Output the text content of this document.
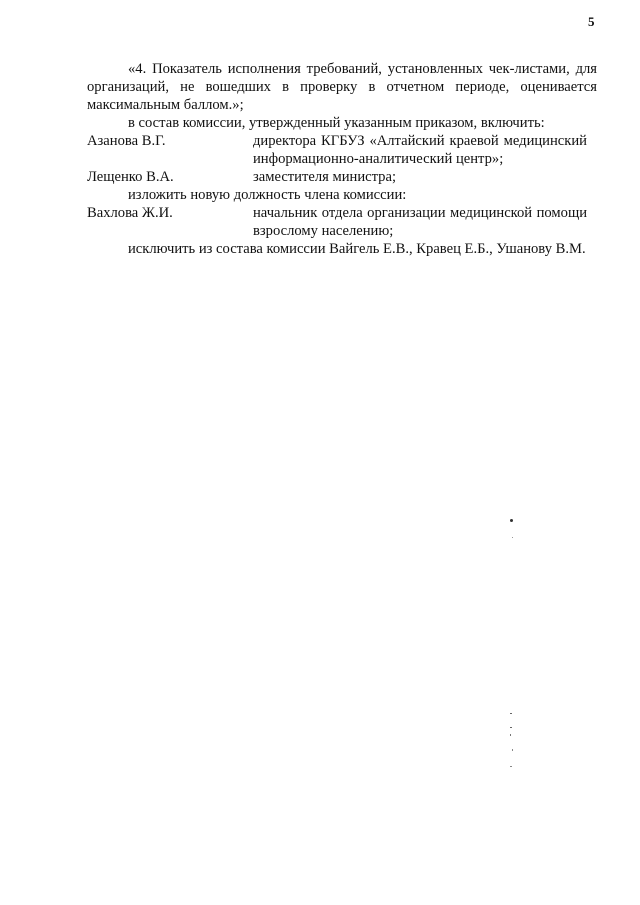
5

«4. Показатель исполнения требований, установленных чек-листами, для организаций, не вошедших в проверку в отчетном периоде, оценивается максимальным баллом.»;

в состав комиссии, утвержденный указанным приказом, включить:

Азанова В.Г.	директора КГБУЗ «Алтайский краевой медицинский информационно-аналитический центр»;
Лещенко В.А.	заместителя министра;

изложить новую должность члена комиссии:

Вахлова Ж.И.	начальник отдела организации медицинской помощи взрослому населению;

исключить из состава комиссии Вайгель Е.В., Кравец Е.Б., Ушанову В.М.
